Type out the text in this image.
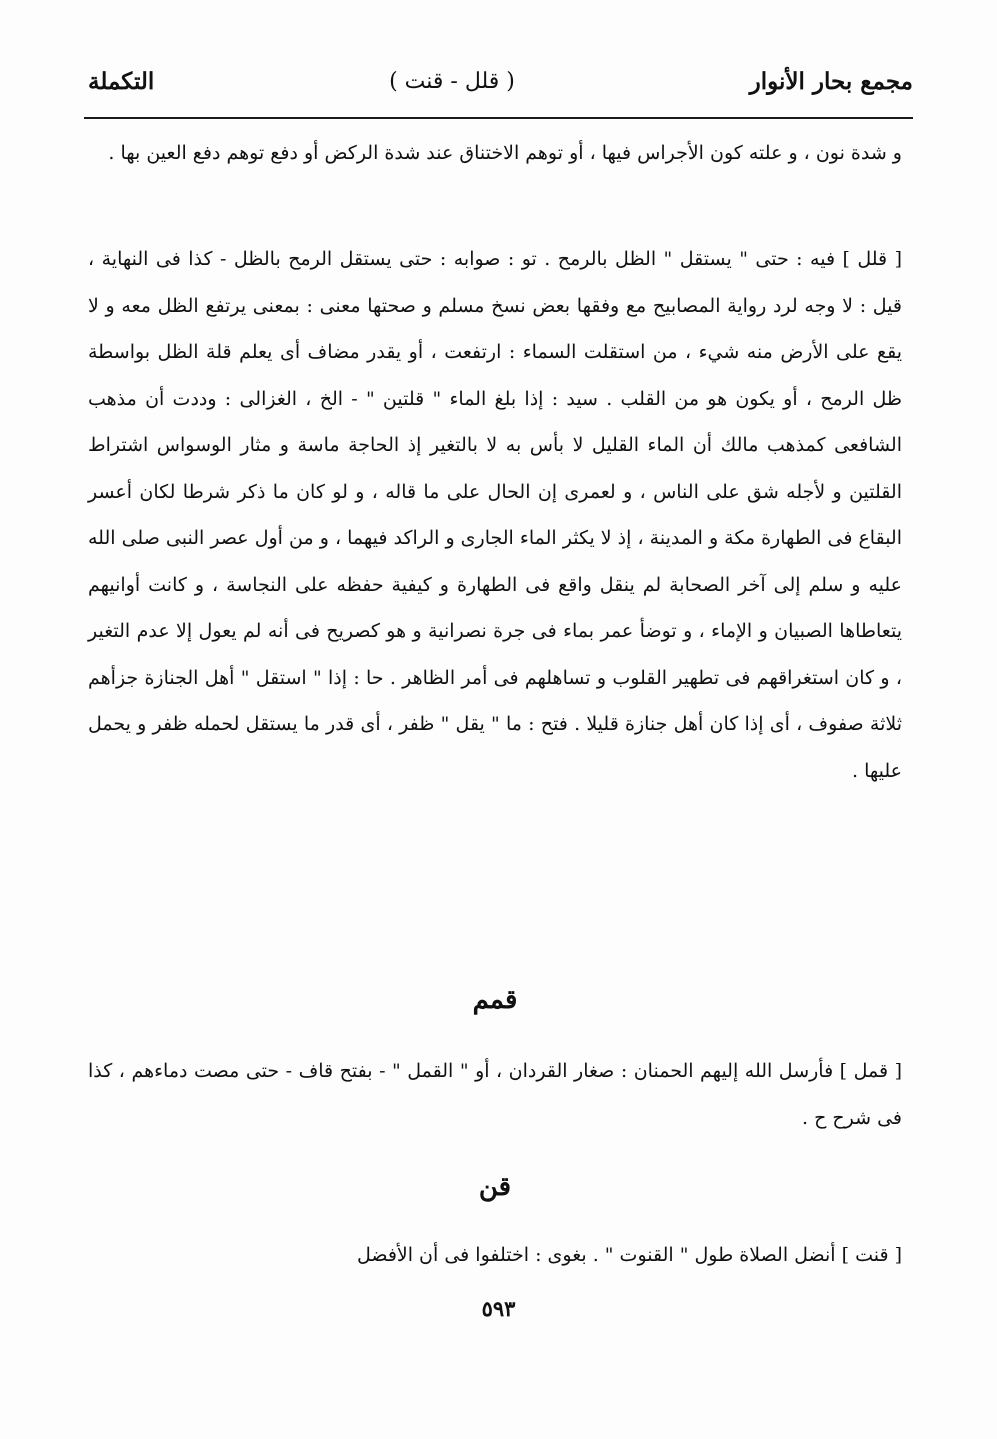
مجمع بحار الأنوار
( قلل - قنت )
التكملة

و شدة نون ، و علته كون الأجراس فيها ، أو توهم الاختناق عند شدة الركض أو دفع توهم دفع العين بها .

[ قلل ] فيه : حتى " يستقل " الظل بالرمح . تو : صوابه : حتى يستقل الرمح بالظل - كذا فى النهاية ، قيل : لا وجه لرد رواية المصابيح مع وفقها بعض نسخ مسلم و صحتها معنى : بمعنى يرتفع الظل معه و لا يقع على الأرض منه شيء ، من استقلت السماء : ارتفعت ، أو يقدر مضاف أى يعلم قلة الظل بواسطة ظل الرمح ، أو يكون هو من القلب . سيد : إذا بلغ الماء " قلتين " - الخ ، الغزالى : وددت أن مذهب الشافعى كمذهب مالك أن الماء القليل لا بأس به لا بالتغير إذ الحاجة ماسة و مثار الوسواس اشتراط القلتين و لأجله شق على الناس ، و لعمرى إن الحال على ما قاله ، و لو كان ما ذكر شرطا لكان أعسر البقاع فى الطهارة مكة و المدينة ، إذ لا يكثر الماء الجارى و الراكد فيهما ، و من أول عصر النبى صلى الله عليه و سلم إلى آخر الصحابة لم ينقل واقع فى الطهارة و كيفية حفظه على النجاسة ، و كانت أوانيهم يتعاطاها الصبيان و الإماء ، و توضأ عمر بماء فى جرة نصرانية و هو كصريح فى أنه لم يعول إلا عدم التغير ، و كان استغراقهم فى تطهير القلوب و تساهلهم فى أمر الظاهر . حا : إذا " استقل " أهل الجنازة جزأهم ثلاثة صفوف ، أى إذا كان أهل جنازة قليلا . فتح : ما " يقل " ظفر ، أى قدر ما يستقل لحمله ظفر و يحمل عليها .

قمم

[ قمل ] فأرسل الله إليهم الحمنان : صغار القردان ، أو " القمل " - بفتح قاف - حتى مصت دماءهم ، كذا فى شرح ح .

قن

[ قنت ] أنضل الصلاة طول " القنوت " . بغوى : اختلفوا فى أن الأفضل

٥٩٣
